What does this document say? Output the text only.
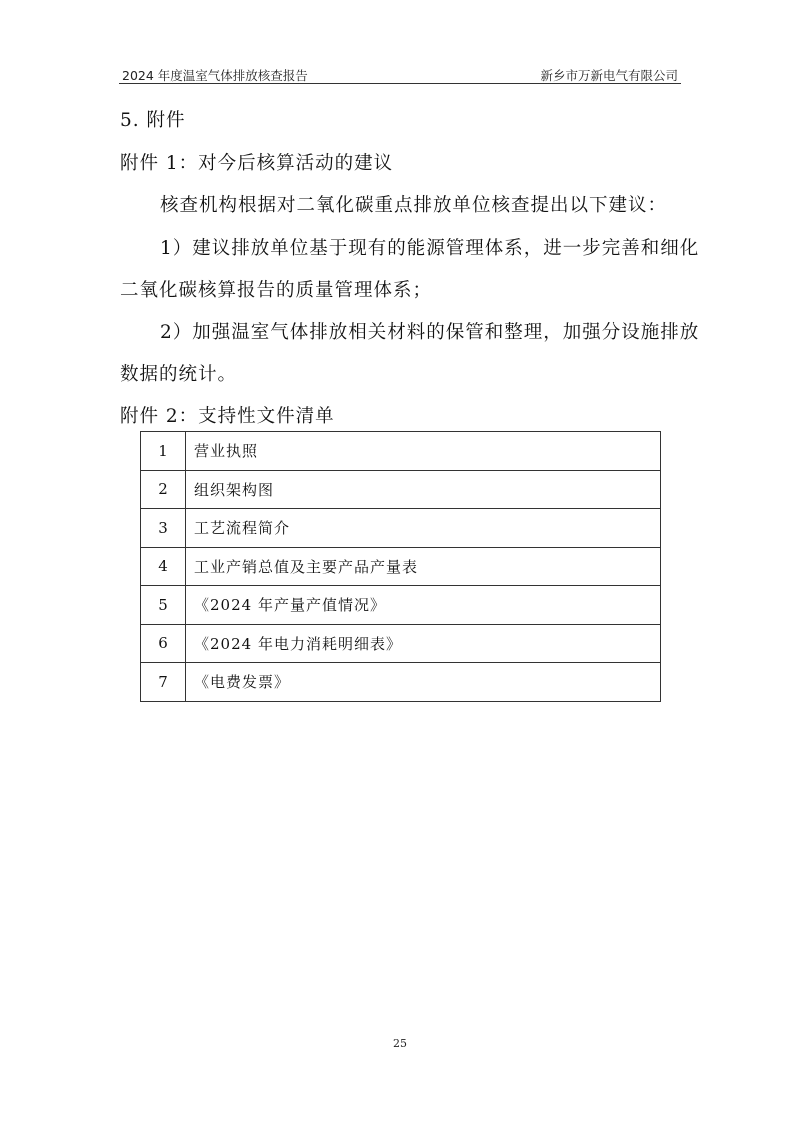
2024 年度温室气体排放核查报告	新乡市万新电气有限公司
5. 附件
附件 1：对今后核算活动的建议
核查机构根据对二氧化碳重点排放单位核查提出以下建议：
1）建议排放单位基于现有的能源管理体系，进一步完善和细化
二氧化碳核算报告的质量管理体系；
2）加强温室气体排放相关材料的保管和整理，加强分设施排放
数据的统计。
附件 2：支持性文件清单
1	营业执照
2	组织架构图
3	工艺流程简介
4	工业产销总值及主要产品产量表
5	《2024 年产量产值情况》
6	《2024 年电力消耗明细表》
7	《电费发票》
25
